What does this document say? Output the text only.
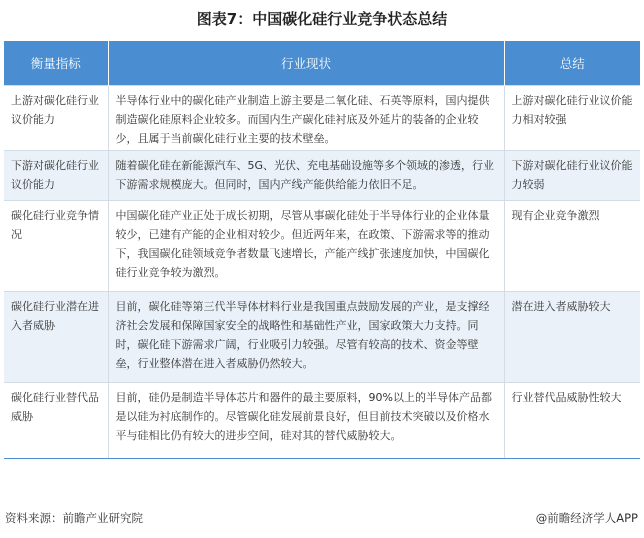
图表7：中国碳化硅行业竞争状态总结
衡量指标	行业现状	总结
上游对碳化硅行业议价能力	半导体行业中的碳化硅产业制造上游主要是二氧化硅、石英等原料，国内提供制造碳化硅原料企业较多。而国内生产碳化硅衬底及外延片的装备的企业较少，且属于当前碳化硅行业主要的技术壁垒。	上游对碳化硅行业议价能力相对较强
下游对碳化硅行业议价能力	随着碳化硅在新能源汽车、5G、光伏、充电基础设施等多个领域的渗透，行业下游需求规模庞大。但同时，国内产线产能供给能力依旧不足。	下游对碳化硅行业议价能力较弱
碳化硅行业竞争情况	中国碳化硅产业正处于成长初期，尽管从事碳化硅处于半导体行业的企业体量较少，已建有产能的企业相对较少。但近两年来，在政策、下游需求等的推动下，我国碳化硅领域竞争者数量飞速增长，产能产线扩张速度加快，中国碳化硅行业竞争较为激烈。	现有企业竞争激烈
碳化硅行业潜在进入者威胁	目前，碳化硅等第三代半导体材料行业是我国重点鼓励发展的产业，是支撑经济社会发展和保障国家安全的战略性和基础性产业，国家政策大力支持。同时，碳化硅下游需求广阔，行业吸引力较强。尽管有较高的技术、资金等壁垒，行业整体潜在进入者威胁仍然较大。	潜在进入者威胁较大
碳化硅行业替代品威胁	目前，硅仍是制造半导体芯片和器件的最主要原料，90%以上的半导体产品都是以硅为衬底制作的。尽管碳化硅发展前景良好，但目前技术突破以及价格水平与硅相比仍有较大的进步空间，硅对其的替代威胁较大。	行业替代品威胁性较大
资料来源：前瞻产业研究院	@前瞻经济学人APP
